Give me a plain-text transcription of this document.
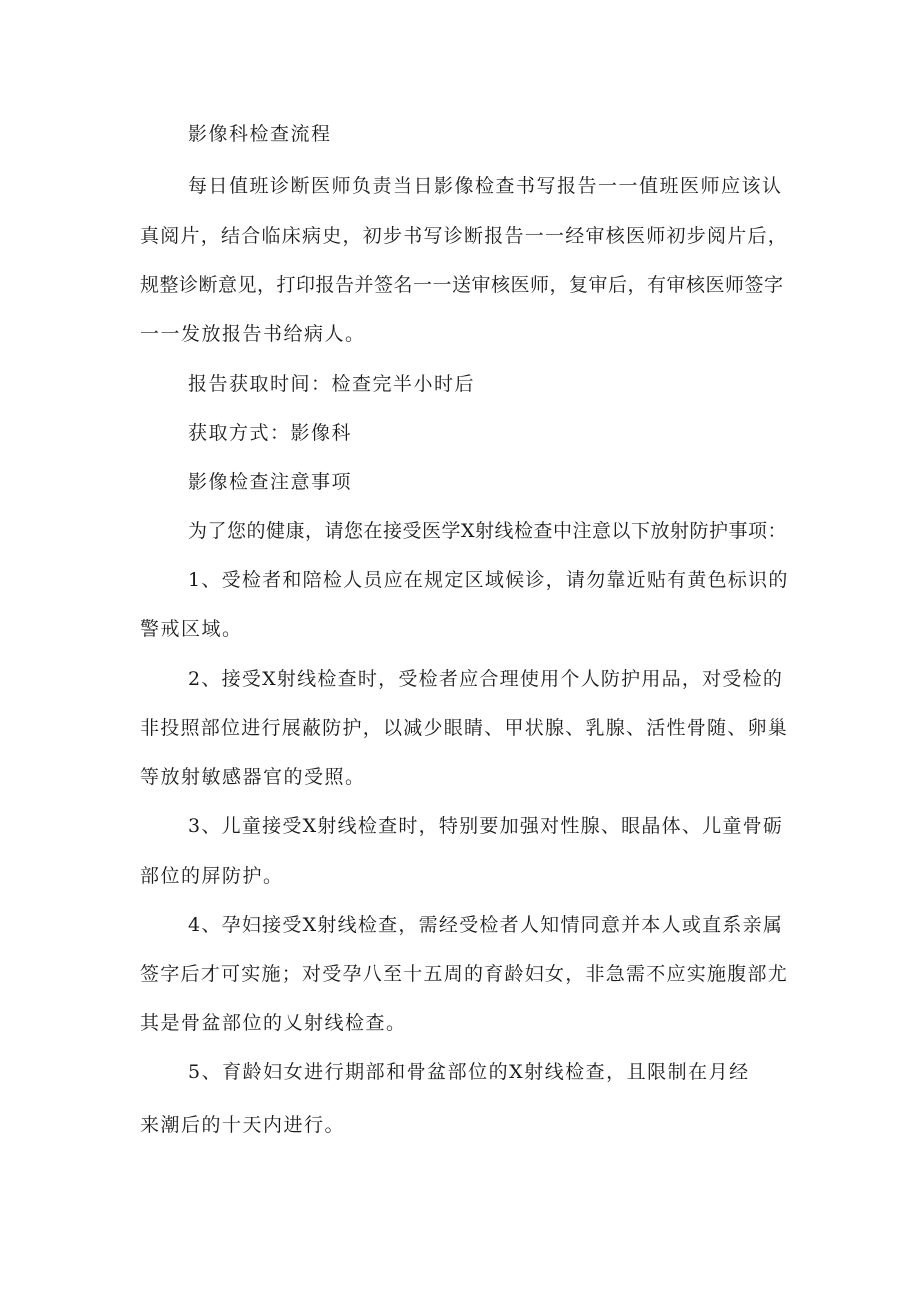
影像科检查流程
每日值班诊断医师负责当日影像检查书写报告一一值班医师应该认
真阅片，结合临床病史，初步书写诊断报告一一经审核医师初步阅片后，
规整诊断意见，打印报告并签名一一送审核医师，复审后，有审核医师签字
一一发放报告书给病人。
报告获取时间：检查完半小时后
获取方式：影像科
影像检查注意事项
为了您的健康，请您在接受医学X射线检查中注意以下放射防护事项：
1、受检者和陪检人员应在规定区域候诊，请勿靠近贴有黄色标识的
警戒区域。
2、接受X射线检查时，受检者应合理使用个人防护用品，对受检的
非投照部位进行展蔽防护，以减少眼睛、甲状腺、乳腺、活性骨随、卵巢
等放射敏感器官的受照。
3、儿童接受X射线检查时，特别要加强对性腺、眼晶体、儿童骨砺
部位的屏防护。
4、孕妇接受X射线检查，需经受检者人知情同意并本人或直系亲属
签字后才可实施；对受孕八至十五周的育龄妇女，非急需不应实施腹部尤
其是骨盆部位的乂射线检查。
5、育龄妇女进行期部和骨盆部位的X射线检查，且限制在月经
来潮后的十天内进行。
